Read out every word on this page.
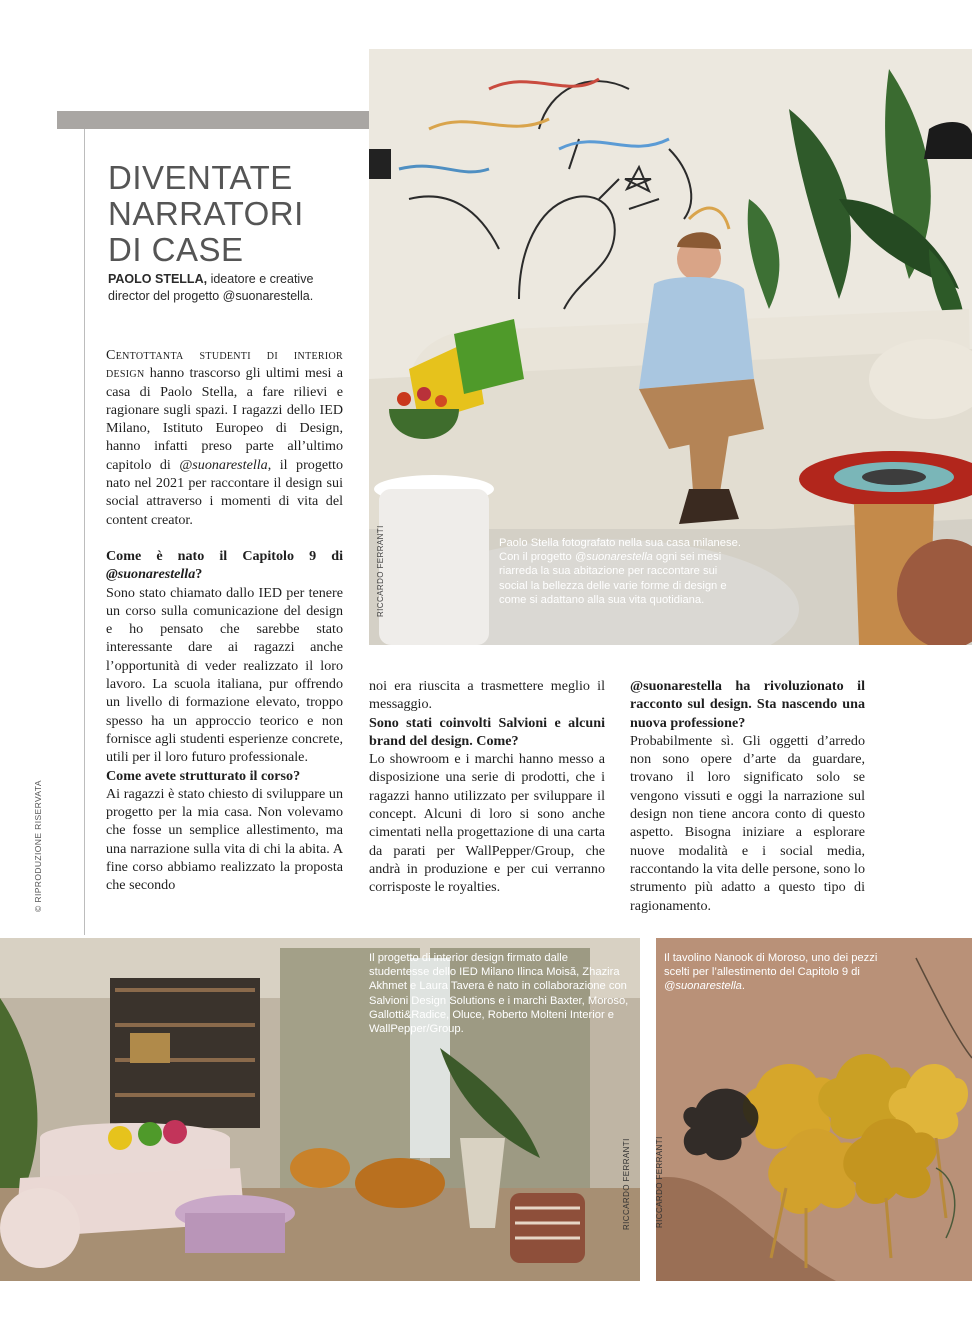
Paolo Stella fotografato nella sua casa milanese. Con il progetto @suonarestella ogni sei mesi riarreda la sua abitazione per raccontare sui social la bellezza delle varie forme di design e come si adattano alla sua vita quotidiana.
RICCARDO FERRANTI
DIVENTATE
NARRATORI
DI CASE
PAOLO STELLA, ideatore e creative director del progetto @suonarestella.

Centottanta studenti di interior design hanno trascorso gli ultimi mesi a casa di Paolo Stella, a fare rilievi e ragionare sugli spazi. I ragazzi dello IED Milano, Istituto Europeo di Design, hanno infatti preso parte all’ultimo capitolo di @suonarestella, il progetto nato nel 2021 per raccontare il design sui social attraverso i momenti di vita del content creator.

Come è nato il Capitolo 9 di @suonarestella?

Sono stato chiamato dallo IED per tenere un corso sulla comunicazione del design e ho pensato che sarebbe stato interessante dare ai ragazzi anche l’opportunità di veder realizzato il loro lavoro. La scuola italiana, pur offrendo un livello di formazione elevato, troppo spesso ha un approccio teorico e non fornisce agli studenti esperienze concrete, utili per il loro futuro professionale.

Come avete strutturato il corso?

Ai ragazzi è stato chiesto di sviluppare un progetto per la mia casa. Non volevamo che fosse un semplice allestimento, ma una narrazione sulla vita di chi la abita. A fine corso abbiamo realizzato la proposta che secondo

noi era riuscita a trasmettere meglio il messaggio.

Sono stati coinvolti Salvioni e alcuni brand del design. Come?

Lo showroom e i marchi hanno messo a disposizione una serie di prodotti, che i ragazzi hanno utilizzato per sviluppare il concept. Alcuni di loro si sono anche cimentati nella progettazione di una carta da parati per WallPepper/Group, che andrà in produzione e per cui verranno corrisposte le royalties.

@suonarestella ha rivoluzionato il racconto sul design. Sta nascendo una nuova professione?

Probabilmente sì. Gli oggetti d’arredo non sono opere d’arte da guardare, trovano il loro significato solo se vengono vissuti e oggi la narrazione sul design non tiene ancora conto di questo aspetto. Bisogna iniziare a esplorare nuove modalità e i social media, raccontando la vita delle persone, sono lo strumento più adatto a questo tipo di ragionamento.

© RIPRODUZIONE RISERVATA
Il progetto di interior design firmato dalle studentesse dello IED Milano Ilinca Moisă, Zhazira Akhmet e Laura Tavera è nato in collaborazione con Salvioni Design Solutions e i marchi Baxter, Moroso, Gallotti&Radice, Oluce, Roberto Molteni Interior e WallPepper/Group.
RICCARDO FERRANTI
Il tavolino Nanook di Moroso, uno dei pezzi scelti per l’allestimento del Capitolo 9 di @suonarestella.
RICCARDO FERRANTI
